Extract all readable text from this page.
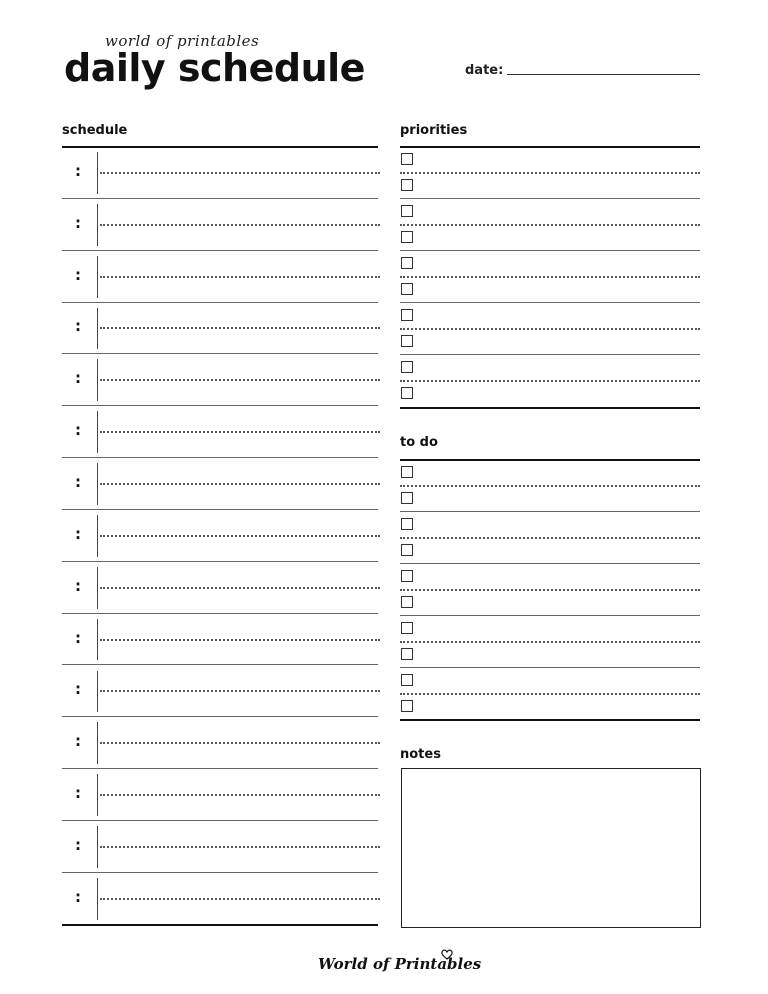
world of printables
daily schedule	date:
schedule
:
:
:
:
:
:
:
:
:
:
:
:
:
:
:
priorities
to do
notes
World of Printables
